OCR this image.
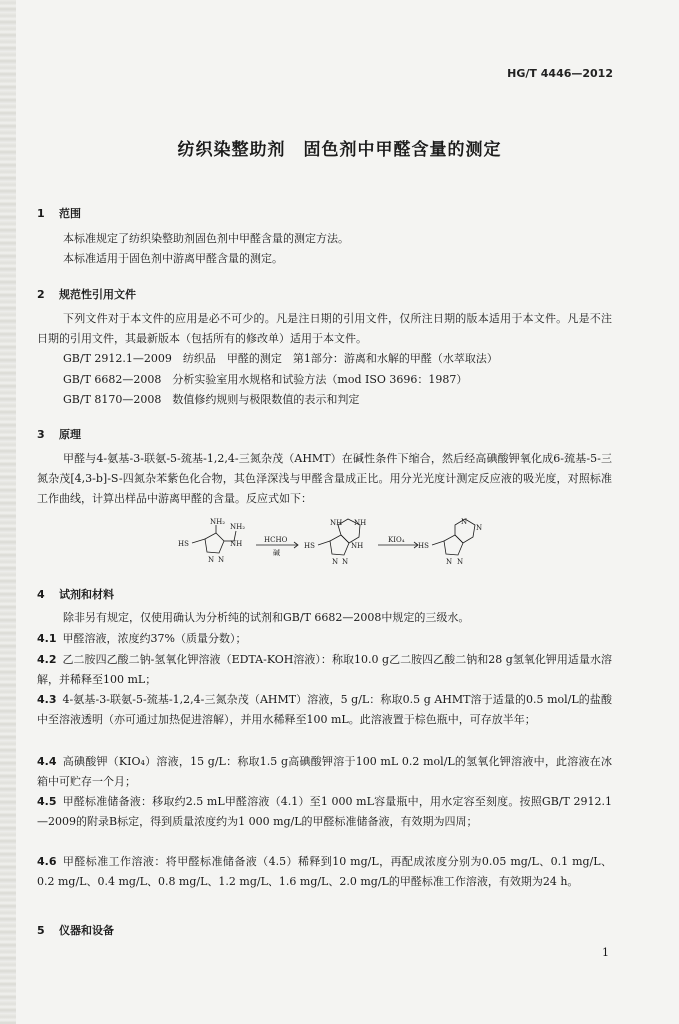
HG/T 4446—2012
纺织染整助剂 固色剂中甲醛含量的测定
1 范围
本标准规定了纺织染整助剂固色剂中甲醛含量的测定方法。
本标准适用于固色剂中游离甲醛含量的测定。
2 规范性引用文件
下列文件对于本文件的应用是必不可少的。凡是注日期的引用文件，仅所注日期的版本适用于本文件。凡是不注日期的引用文件，其最新版本（包括所有的修改单）适用于本文件。
GB/T 2912.1—2009　纺织品　甲醛的测定　第1部分：游离和水解的甲醛（水萃取法）
GB/T 6682—2008　分析实验室用水规格和试验方法（mod ISO 3696：1987）
GB/T 8170—2008　数值修约规则与极限数值的表示和判定
3 原理
甲醛与4-氨基-3-联氨-5-巯基-1,2,4-三氮杂茂（AHMT）在碱性条件下缩合，然后经高碘酸钾氧化成6-巯基-5-三氮杂茂[4,3-b]-S-四氮杂苯紫色化合物，其色泽深浅与甲醛含量成正比。用分光光度计测定反应液的吸光度，对照标准工作曲线，计算出样品中游离甲醛的含量。反应式如下：
HS
NH₂
NH₂
NH
N N
HCHO
碱
HS
NH NH
NH
N N
KIO₄
HS
N
N
N N
4 试剂和材料
除非另有规定，仅使用确认为分析纯的试剂和GB/T 6682—2008中规定的三级水。
4.1 甲醛溶液，浓度约37%（质量分数）；
4.2 乙二胺四乙酸二钠-氢氧化钾溶液（EDTA-KOH溶液）：称取10.0 g乙二胺四乙酸二钠和28 g氢氧化钾用适量水溶解，并稀释至100 mL；
4.3 4-氨基-3-联氨-5-巯基-1,2,4-三氮杂茂（AHMT）溶液，5 g/L：称取0.5 g AHMT溶于适量的0.5 mol/L的盐酸中至溶液透明（亦可通过加热促进溶解），并用水稀释至100 mL。此溶液置于棕色瓶中，可存放半年；
4.4 高碘酸钾（KIO₄）溶液，15 g/L：称取1.5 g高碘酸钾溶于100 mL 0.2 mol/L的氢氧化钾溶液中，此溶液在冰箱中可贮存一个月；
4.5 甲醛标准储备液：移取约2.5 mL甲醛溶液（4.1）至1 000 mL容量瓶中，用水定容至刻度。按照GB/T 2912.1—2009的附录B标定，得到质量浓度约为1 000 mg/L的甲醛标准储备液，有效期为四周；
4.6 甲醛标准工作溶液：将甲醛标准储备液（4.5）稀释到10 mg/L，再配成浓度分别为0.05 mg/L、0.1 mg/L、0.2 mg/L、0.4 mg/L、0.8 mg/L、1.2 mg/L、1.6 mg/L、2.0 mg/L的甲醛标准工作溶液，有效期为24 h。
5 仪器和设备
1
